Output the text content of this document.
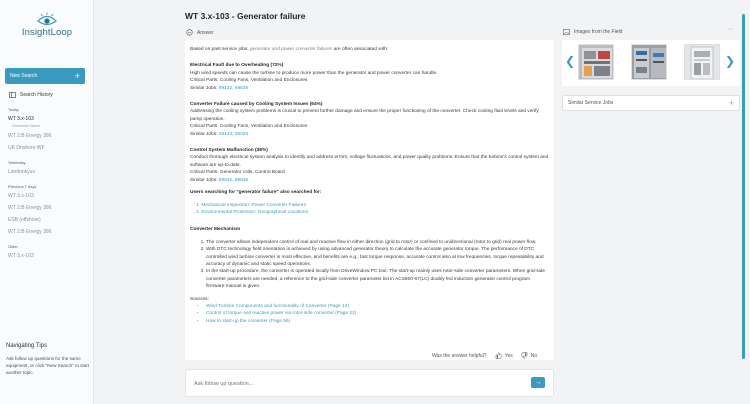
InsightLoop
New Search	+
Search History
Today
WT 3.x-103
Generator failure
WT 2.B Energy 286
UK Onshore WF
Yesterday
Landonkyun
Previous 7 days
WT 3.x-103
WT 2.B Energy 286
ESB (offshore)
WT 2.B Energy 286
Older
WT 3.x-103
Navigating Tips
Ask follow up questions for the same equipment, or click "New Search" to start another topic.
WT 3.x-103 - Generator failure
Answer

Based on past service jobs, generator and power converter failures are often associated with:

Electrical Fault due to Overheating (72%)

High wind speeds can cause the turbine to produce more power than the generator and power converter can handle.

Critical Parts: Cooling Fans, Ventilation and Enclosures

Similar Jobs: 89132, 69836

Converter Failure caused by Cooling System Issues (64%)

Addressing the cooling system problems is crucial to prevent further damage and ensure the proper functioning of the converter. Check cooling fluid levels and verify pump operation.

Critical Parts: Cooling Fans, Ventilation and Enclosures

Similar Jobs: 46143, 36025

Control System Malfunction (38%)

Conduct thorough electrical system analysis to identify and address errors, voltage fluctuations, and power quality problems. Ensure that the turbine's control system and software are up-to-date.

Critical Parts: Generator coils, Control Board

Similar Jobs: 89932, 89836

Users searching for "generator failure" also searched for:

1. Mechanical Inspection: Power Converter Failures

2. Environmental Protection: Geographical Locations

Converter Mechanism

1. The converter allows independent control of real and reactive flow in either direction (grid to rotor) or confined to unidirectional (rotor to grid) real power flow.
2. With DTC technology field orientation is achieved by using advanced generator theory to calculate the accurate generator torque. The performance of DTC controlled wind turbine converter is most effective, and benefits are e.g., fast torque response, accurate control also at low frequencies, torque repeatability and accuracy of dynamic and static speed operations.
3. In the start-up procedure, the converter is operated locally from DriveWindow PC tool. The start-up mainly uses rotor-side converter parameters. When grid-side converter parameters are needed, a reference to the grid-side converter parameter list in ACS800-67(LC) doubly fed induction generator control program firmware manual is given.

Sources:

• Wind Turbine Components and functionality of Converter (Page 14)
• Control of torque and reactive power via rotor-side converter (Page 22)
• How to start-up the converter (Page 56)
Was the answer helpful?	Yes	No
Ask follow up question...
→
Images from the Field	···
❮	❯
Similar Service Jobs	+
